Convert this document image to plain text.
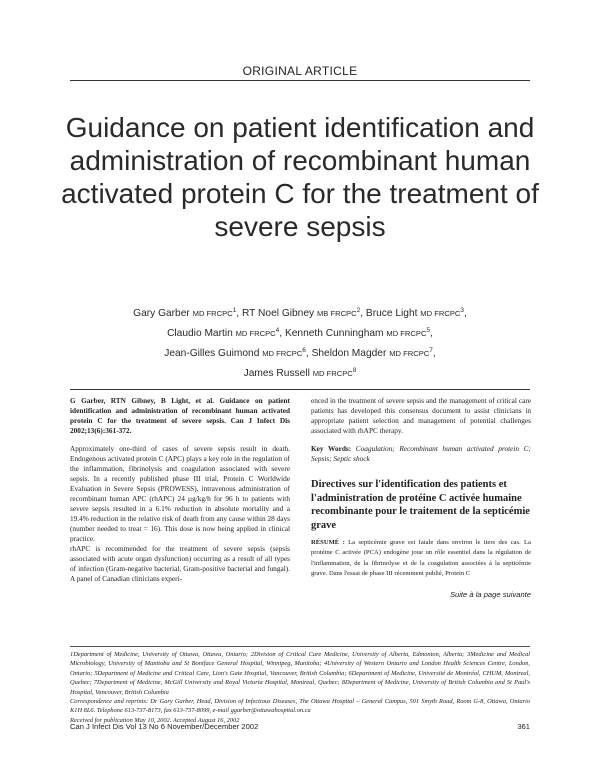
ORIGINAL ARTICLE
Guidance on patient identification and administration of recombinant human activated protein C for the treatment of severe sepsis
Gary Garber MD FRCPC$^1$, RT Noel Gibney MB FRCPC$^2$, Bruce Light MD FRCPC$^3$,
Claudio Martin MD FRCPC$^4$, Kenneth Cunningham MD FRCPC$^5$,
Jean-Gilles Guimond MD FRCPC$^6$, Sheldon Magder MD FRCPC$^7$,
James Russell MD FRCPC$^8$

G Garber, RTN Gibney, B Light, et al. Guidance on patient identification and administration of recombinant human activated protein C for the treatment of severe sepsis. Can J Infect Dis 2002;13(6):361-372.

Approximately one-third of cases of severe sepsis result in death. Endogenous activated protein C (APC) plays a key role in the regulation of the inflammation, fibrinolysis and coagulation associated with severe sepsis. In a recently published phase III trial, Protein C Worldwide Evaluation in Severe Sepsis (PROWESS), intravenous administration of recombinant human APC (rhAPC) 24 µg/kg/h for 96 h to patients with severe sepsis resulted in a 6.1% reduction in absolute mortality and a 19.4% reduction in the relative risk of death from any cause within 28 days (number needed to treat = 16). This dose is now being applied in clinical practice.

rhAPC is recommended for the treatment of severe sepsis (sepsis associated with acute organ dysfunction) occurring as a result of all types of infection (Gram-negative bacterial, Gram-positive bacterial and fungal). A panel of Canadian clinicians experi-

enced in the treatment of severe sepsis and the management of critical care patients has developed this consensus document to assist clinicians in appropriate patient selection and management of potential challenges associated with rhAPC therapy.

Key Words: Coagulation; Recombinant human activated protein C; Sepsis; Septic shock

Directives sur l'identification des patients et l'administration de protéine C activée humaine recombinante pour le traitement de la septicémie grave

RÉSUMÉ : La septicémie grave est fatale dans environ le tiers des cas. La protéine C activée (PCA) endogène joue un rôle essentiel dans la régulation de l'inflammation, de la fibrinolyse et de la coagulation associées à la septicémie grave. Dans l'essai de phase III récemment publié, Protein C

Suite à la page suivante

1Department of Medicine, University of Ottawa, Ottawa, Ontario; 2Division of Critical Care Medicine, University of Alberta, Edmonton, Alberta; 3Medicine and Medical Microbiology, University of Manitoba and St Boniface General Hospital, Winnipeg, Manitoba; 4University of Western Ontario and London Health Sciences Centre, London, Ontario; 5Department of Medicine and Critical Care, Lion's Gate Hospital, Vancouver, British Columbia; 6Department of Medicine, Université de Montréal, CHUM, Montreal, Quebec; 7Department of Medicine, McGill University and Royal Victoria Hospital, Montreal, Quebec; 8Department of Medicine, University of British Columbia and St Paul's Hospital, Vancouver, British Columbia

Correspondence and reprints: Dr Gary Garber, Head, Division of Infectious Diseases, The Ottawa Hospital – General Campus, 501 Smyth Road, Room G-8, Ottawa, Ontario K1H 8L6. Telephone 613-737-8173, fax 613-737-8099, e-mail ggarber@ottawahospital.on.ca

Received for publication May 10, 2002. Accepted August 16, 2002

Can J Infect Dis Vol 13 No 6 November/December 2002	361
